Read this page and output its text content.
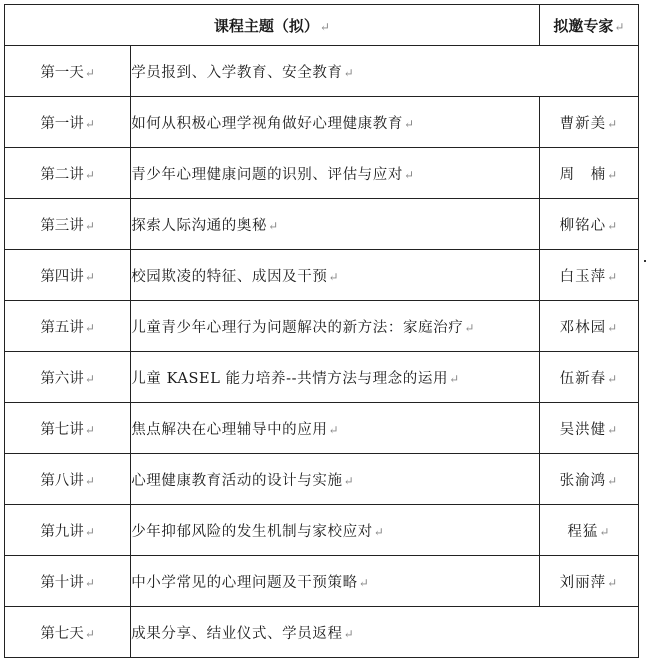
课程主题（拟）↵		拟邀专家↵
第一天↵	学员报到、入学教育、安全教育↵	
第一讲↵	如何从积极心理学视角做好心理健康教育↵	曹新美↵
第二讲↵	青少年心理健康问题的识别、评估与应对↵	周　楠↵
第三讲↵	探索人际沟通的奥秘↵	柳铭心↵
第四讲↵	校园欺凌的特征、成因及干预↵	白玉萍↵
第五讲↵	儿童青少年心理行为问题解决的新方法：家庭治疗↵	邓林园↵
第六讲↵	儿童 KASEL 能力培养--共情方法与理念的运用↵	伍新春↵
第七讲↵	焦点解决在心理辅导中的应用↵	吴洪健↵
第八讲↵	心理健康教育活动的设计与实施↵	张渝鸿↵
第九讲↵	少年抑郁风险的发生机制与家校应对↵	程猛↵
第十讲↵	中小学常见的心理问题及干预策略↵	刘丽萍↵
第七天↵	成果分享、结业仪式、学员返程↵	
